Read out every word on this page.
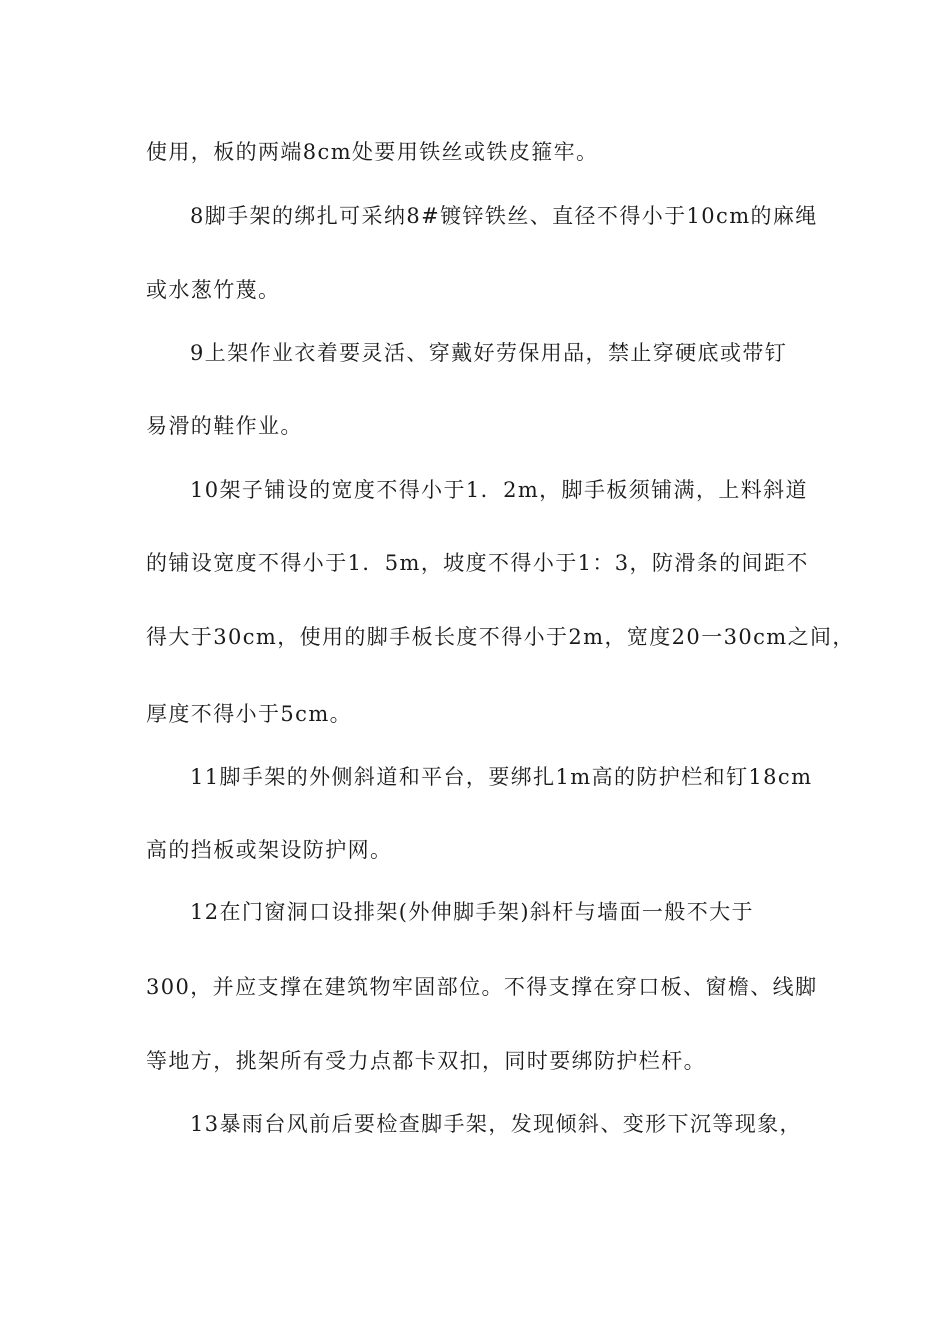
使用，板的两端8cm处要用铁丝或铁皮箍牢。
8脚手架的绑扎可采纳8#镀锌铁丝、直径不得小于10cm的麻绳
或水葱竹蔑。
9上架作业衣着要灵活、穿戴好劳保用品，禁止穿硬底或带钉
易滑的鞋作业。
10架子铺设的宽度不得小于1．2m，脚手板须铺满，上料斜道
的铺设宽度不得小于1．5m，坡度不得小于1：3，防滑条的间距不
得大于30cm，使用的脚手板长度不得小于2m，宽度20一30cm之间，
厚度不得小于5cm。
11脚手架的外侧斜道和平台，要绑扎1m高的防护栏和钉18cm
高的挡板或架设防护网。
12在门窗洞口设排架(外伸脚手架)斜杆与墙面一般不大于
300，并应支撑在建筑物牢固部位。不得支撑在穿口板、窗檐、线脚
等地方，挑架所有受力点都卡双扣，同时要绑防护栏杆。
13暴雨台风前后要检查脚手架，发现倾斜、变形下沉等现象，
